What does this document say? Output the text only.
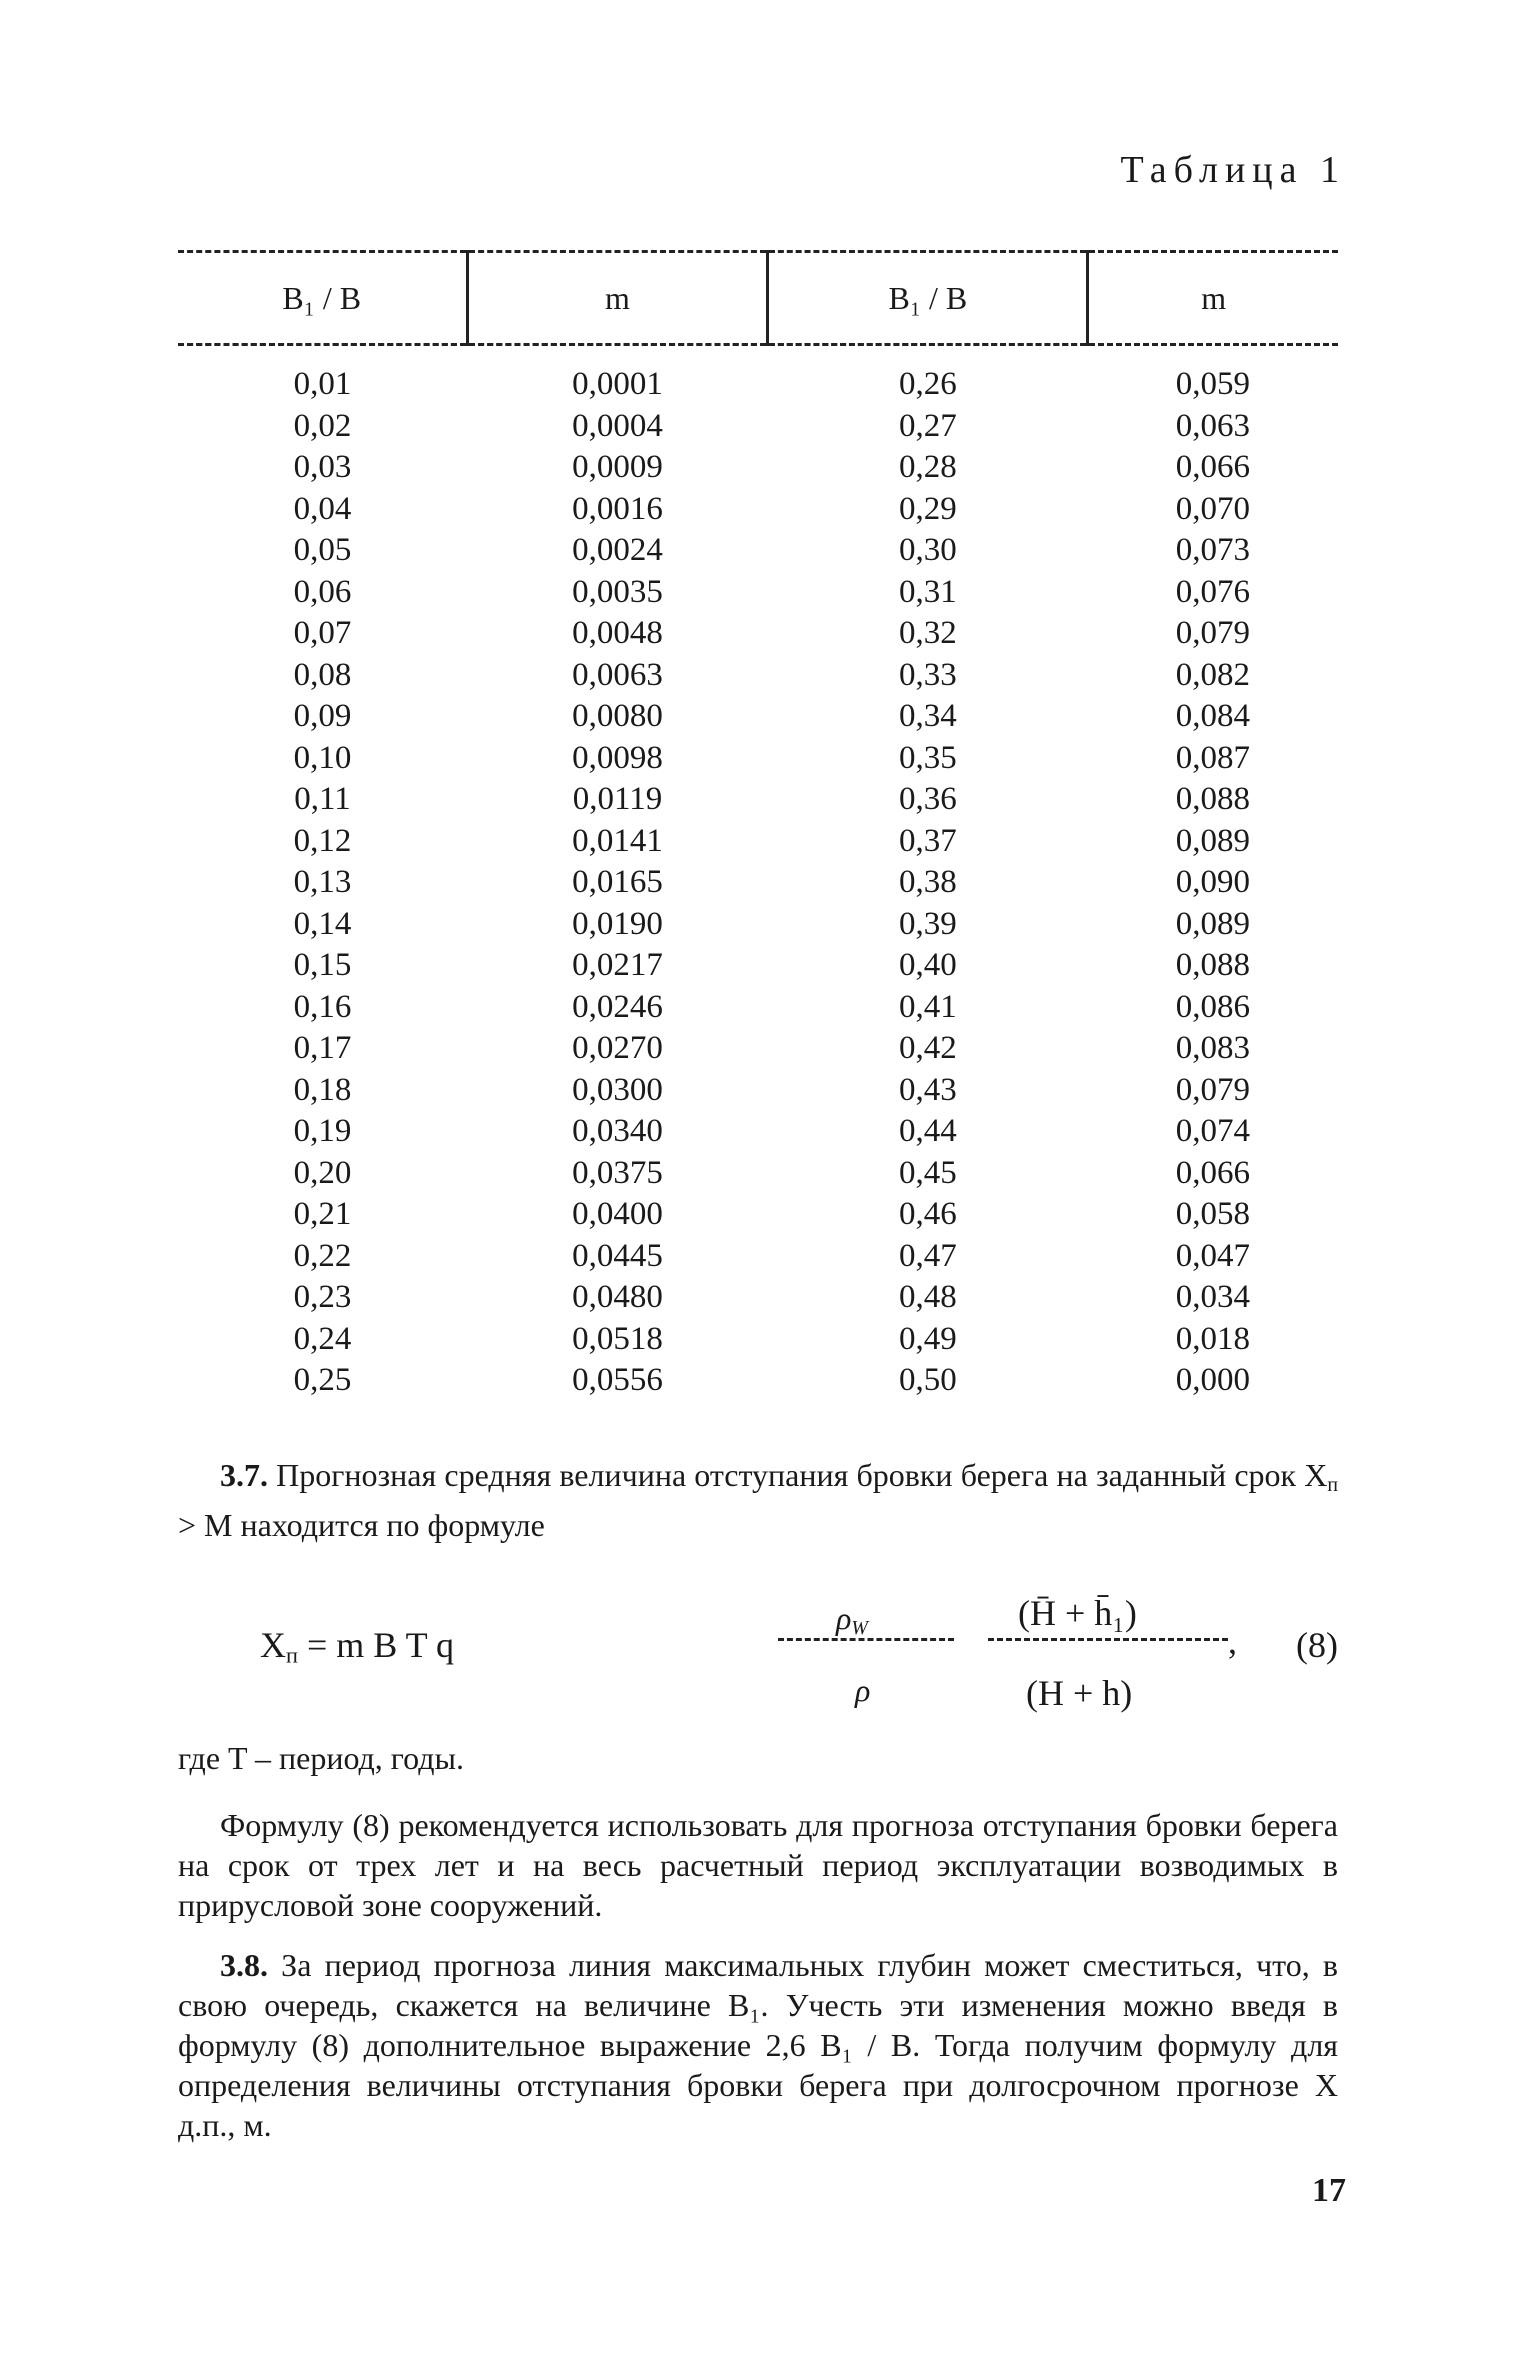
Таблица 1
B₁ / B	m	B₁ / B	m
0,01	0,0001	0,26	0,059
0,02	0,0004	0,27	0,063
0,03	0,0009	0,28	0,066
0,04	0,0016	0,29	0,070
0,05	0,0024	0,30	0,073
0,06	0,0035	0,31	0,076
0,07	0,0048	0,32	0,079
0,08	0,0063	0,33	0,082
0,09	0,0080	0,34	0,084
0,10	0,0098	0,35	0,087
0,11	0,0119	0,36	0,088
0,12	0,0141	0,37	0,089
0,13	0,0165	0,38	0,090
0,14	0,0190	0,39	0,089
0,15	0,0217	0,40	0,088
0,16	0,0246	0,41	0,086
0,17	0,0270	0,42	0,083
0,18	0,0300	0,43	0,079
0,19	0,0340	0,44	0,074
0,20	0,0375	0,45	0,066
0,21	0,0400	0,46	0,058
0,22	0,0445	0,47	0,047
0,23	0,0480	0,48	0,034
0,24	0,0518	0,49	0,018
0,25	0,0556	0,50	0,000
3.7. Прогнозная средняя величина отступания бровки берега на заданный срок $X_п > M$ находится по формуле
$X_п = m$ B T q
$\rho_W$
ρ
(H̄ + h̄₁)
,
(H + h)
(8)
где T – период, годы.
Формулу (8) рекомендуется использовать для прогноза отступания бровки берега на срок от трех лет и на весь расчетный период эксплуатации возводимых в прирусловой зоне сооружений.
3.8. За период прогноза линия максимальных глубин может сместиться, что, в свою очередь, скажется на величине B₁. Учесть эти изменения можно введя в формулу (8) дополнительное выражение 2,6 B₁ / B. Тогда получим формулу для определения величины отступания бровки берега при долгосрочном прогнозе X д.п., м.
17
